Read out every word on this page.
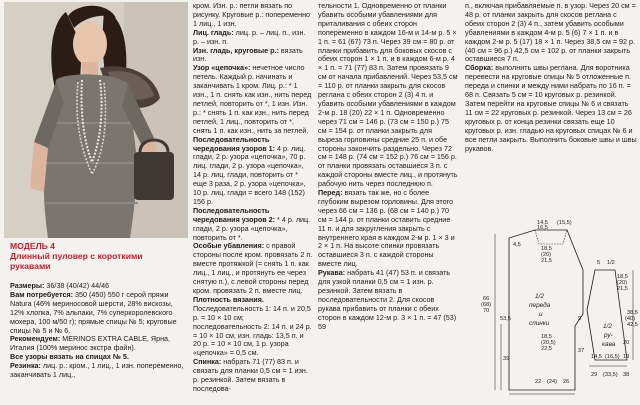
МОДЕЛЬ 4
Длинный пуловер с короткими рукавами

Размеры: 36/38 (40/42) 44/46

Вам потребуется: 350 (450) 550 г серой пряжи Natura (46% мериносовой шерсти, 28% вискозы, 12% хлопка, 7% альпаки, 7% суперкоролевского мохера, 100 м/50 г); прямые спицы № 5; круговые спицы № 5 и № 6.

Рекомендуем: MERINOS EXTRA CABLE, Ярна, Италия (100% меринос экстра файн).

Все узоры вязать на спицах № 5.

Резинка: лиц. р.: кром., 1 лиц., 1 изн. попеременно, заканчивать 1 лиц.,

кром. Изн. р.: петли вязать по рисунку. Круговые р.: попеременно 1 лиц., 1 изн.

Лиц. гладь: лиц. р. – лиц. п., изн. р. – изн. п.

Изн. гладь, круговые р.: вязать изн.

Узор «цепочка»: нечетное число петель. Каждый р. начинать и заканчивать 1 кром. Лиц. р.: * 1 изн., 1 п. снять как изн., нить перед петлей, повторить от *, 1 изн. Изн. р.: * снять 1 п. как изн., нить перед петлей, 1 лиц., повторить от *, снять 1 п. как изн., нить за петлей.

Последовательность чередования узоров 1: 4 р. лиц. глади, 2 р. узора «цепочка», 70 р. лиц. глади, 2 р. узора «цепочка», 14 р. лиц. глади, повторить от * еще 3 раза, 2 р. узора «цепочка», 10 р. лиц. глади = всего 148 (152) 156 р.

Последовательность чередования узоров 2: * 4 р. лиц. глади, 2 р. узора «цепочка», повторить от *.

Особые убавления: с правой стороны после кром. провязать 2 п. вместе протяжкой (= снять 1 п. как лиц., 1 лиц., и протянуть ее через снятую п.), с левой стороны перед кром. провязать 2 п. вместе лиц.

Плотность вязания. Последовательность 1: 14 п. и 20,5 р. = 10 × 10 см; последовательность 2: 14 п. и 24 р. = 10 × 10 см, изн. гладь: 13,5 п. и 20 р. = 10 × 10 см, 1 р. узора «цепочка» = 0,5 см.

Спинка: набрать 71 (77) 83 п. и связать для планки 0,5 см = 1 изн. р. резинкой. Затем вязать в последова-

тельности 1. Одновременно от планки убавить особыми убавлениями для приталивания с обеих сторон попеременно в каждом 16-м и 14-м р. 5 × 1 п. = 61 (67) 73 п. Через 39 см = 80 р. от планки прибавить для боковых скосов с обеих сторон 1 × 1 п. и в каждом 6-м р. 4 × 1 п. = 71 (77) 83 п. Затем провязать 9 см от начала прибавлений. Через 53,5 см = 110 р. от планки закрыть для скосов реглана с обеих сторон 2 (3) 4 п. и убавить особыми убавлениями в каждом 2-м р. 18 (20) 22 × 1 п. Одновременно через 71 см = 146 р. (73 см = 150 р.) 75 см = 154 р. от планки закрыть для выреза горловины средние 25 п. и обе стороны закончить раздельно. Через 72 см = 148 р. (74 см = 152 р.) 76 см = 156 р. от планки провязать оставшиеся 3 п. с каждой стороны вместе лиц., и протянуть рабочую нить через последнюю п.

Перед: вязать так же, но с более глубоким вырезом горловины. Для этого через 66 см = 136 р. (68 см = 140 р.) 70 см = 144 р. от планки оставить средние 11 п. и для закругления закрыть с внутреннего края в каждом 2-м р. 1 × 3 и 2 × 1 п. На высоте спинки провязать оставшиеся 3 п. с каждой стороны вместе лиц.

Рукава: набрать 41 (47) 53 п. и связать для узкой планки 0,5 см = 1 изн. р. резинкой. Затем вязать в последовательности 2. Для скосов рукава прибавить от планки с обеих сторон в каждом 12-м р. 3 × 1 п. = 47 (53) 59

п., включая прибавляемые п. в узор. Через 20 см = 48 р. от планки закрыть для скосов реглана с обеих сторон 2 (3) 4 п., затем убавить особыми убавлениями в каждом 4-м р. 5 (6) 7 × 1 п. и в каждом 2-м р. 5 (17) 18 × 1 п. Через 38,5 см = 92 р. (40 см = 96 р.) 42,5 см = 102 р. от планки закрыть оставшиеся 7 п.

Сборка: выполнить швы реглана. Для воротника перевести на круговые спицы № 5 отложенные п. переда и спинки и между ними набрать по 16 п. = 68 п. Связать 5 см = 10 круговых р. резинкой. Затем перейти на круговые спицы № 6 и связать 11 см = 22 круговых р. резинкой. Через 13 см = 26 круговых р. от конца резинки связать еще 10 круговых р. изн. гладью на круговых спицах № 6 и все петли закрыть. Выполнить боковые швы и швы рукавов.

1/2
переда
и
спинки	1/2
ру-
кава
14,5 (15,5)
16,5
18,5
(20)
21,5
4,5
5 1/2
18,5
(20)
21,5
18,5
(20,5)
22,5
22 (24) 26
66
(68)
70
53,5
39
37
38,5
(40)
42,5
20
14,5 (16,5) 19
9
29 (33,5) 38
